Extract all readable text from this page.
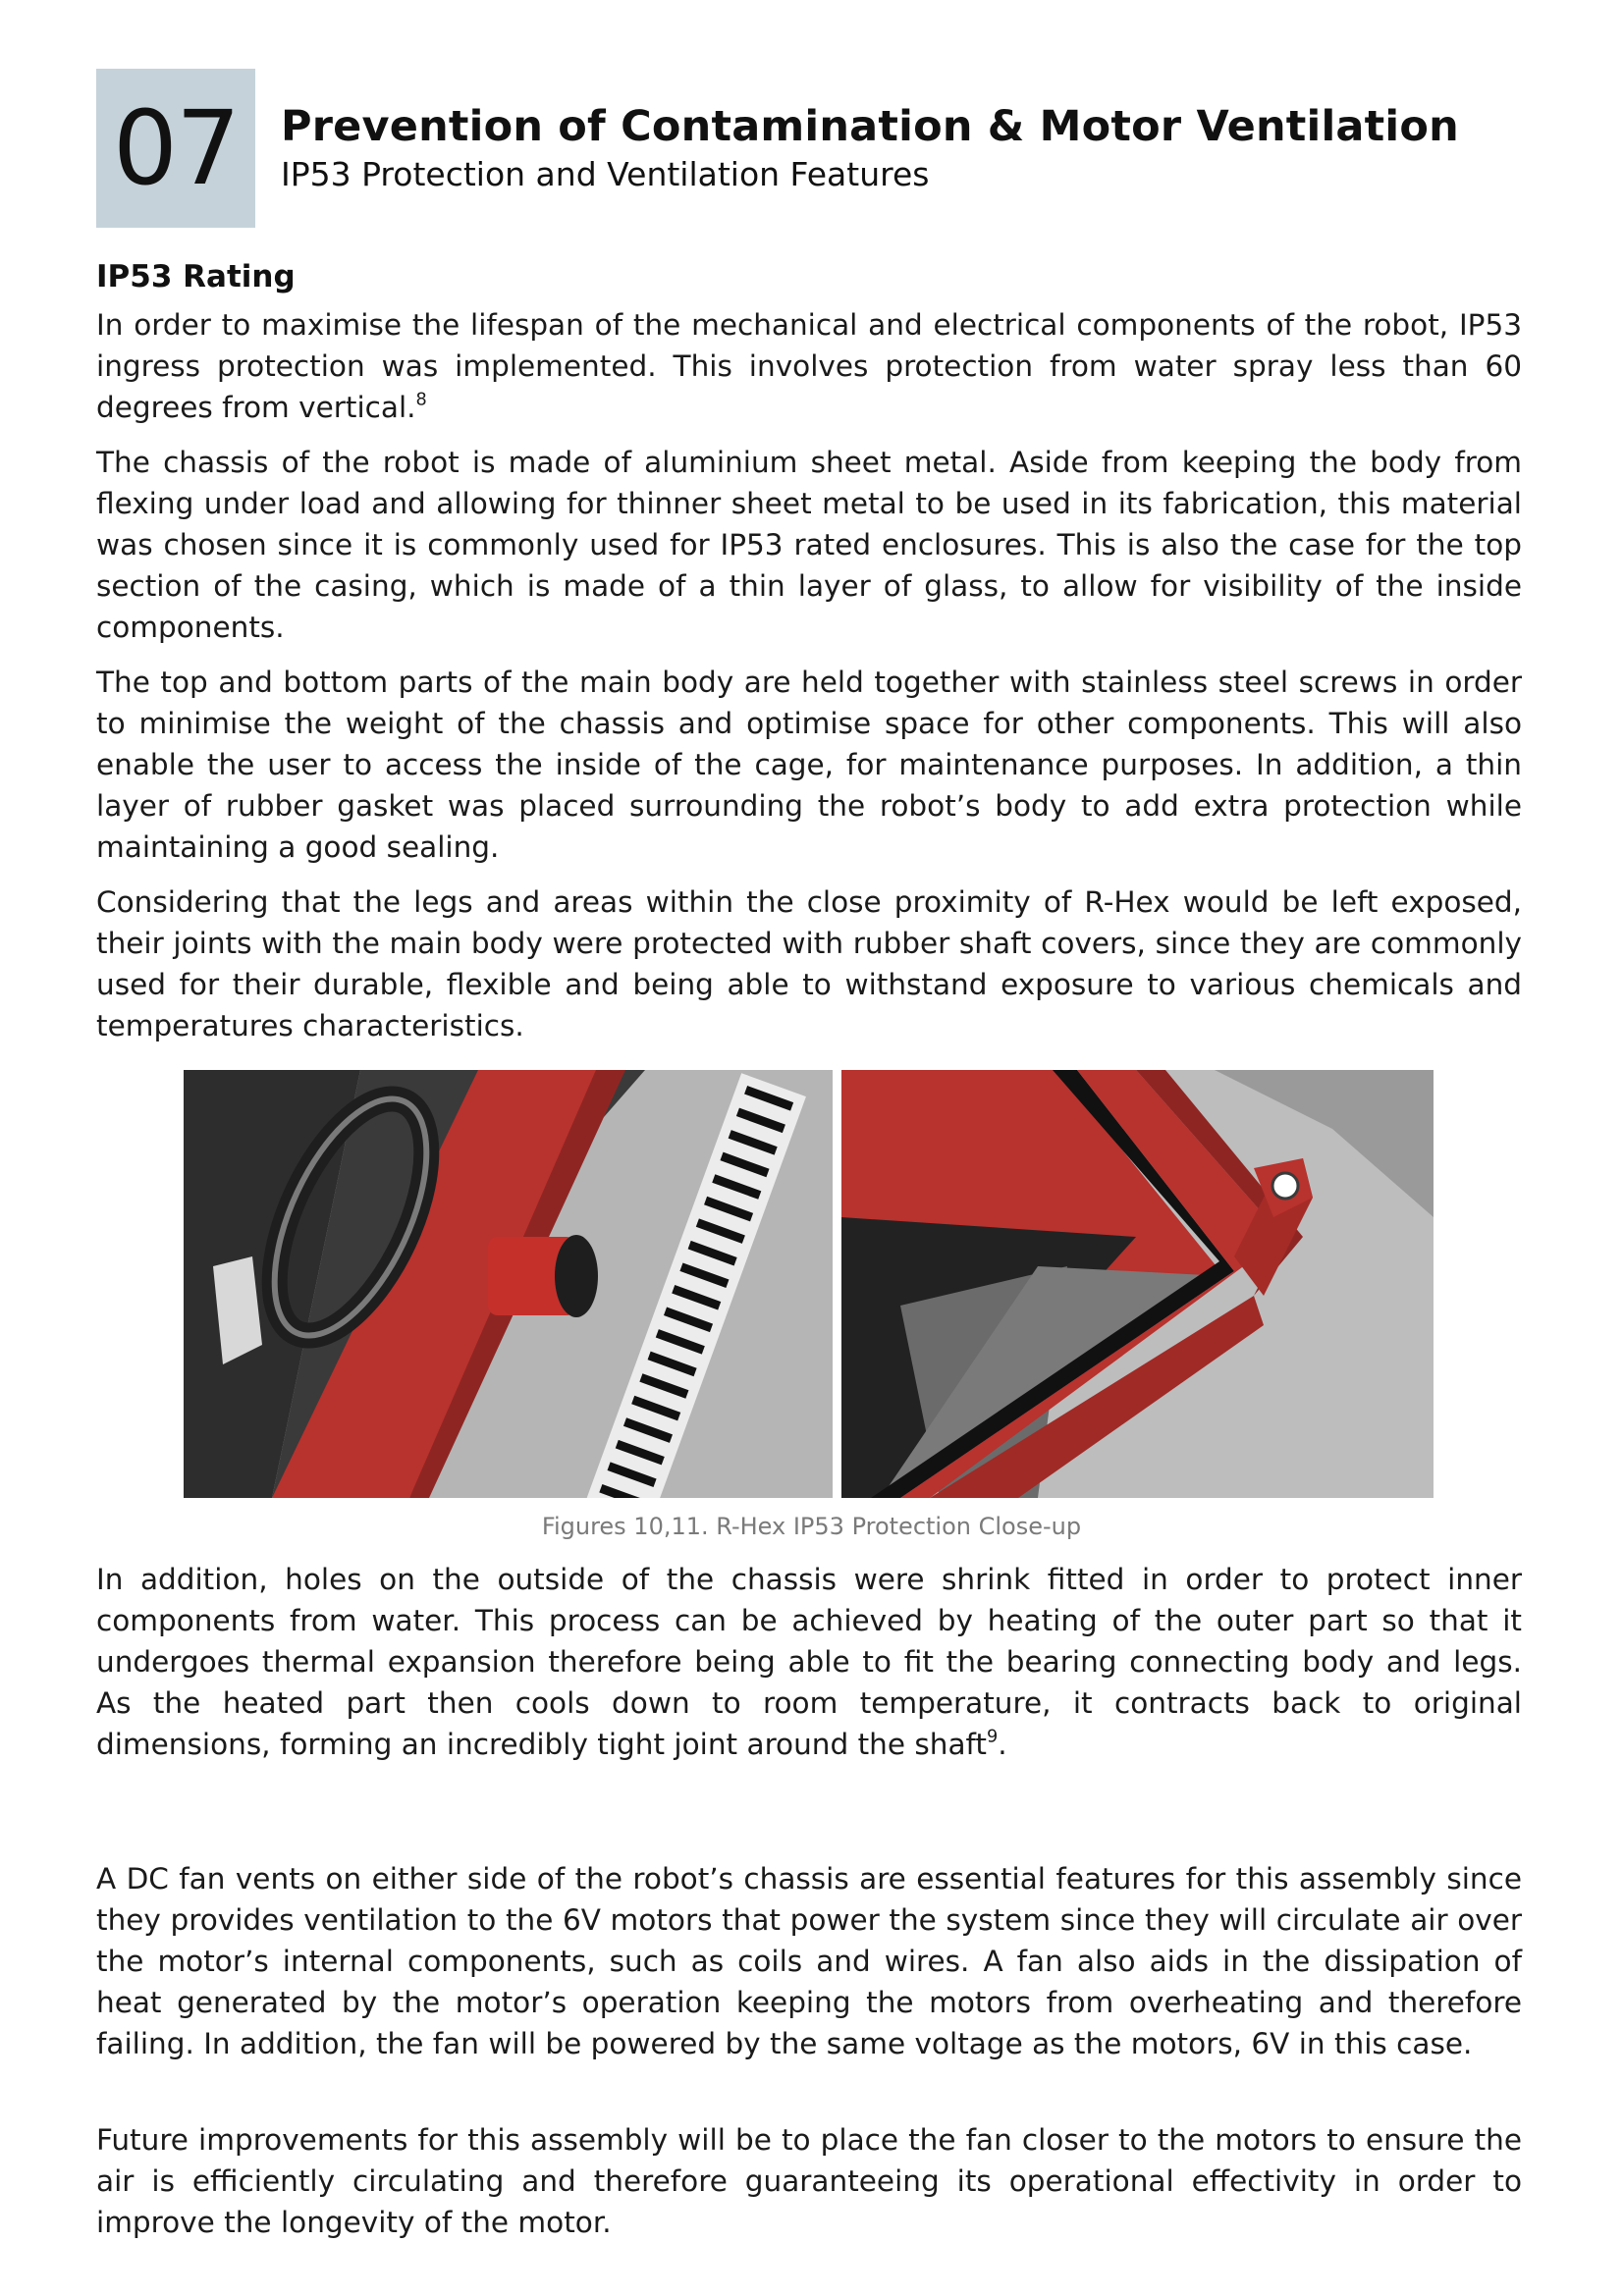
07 Prevention of Contamination & Motor Ventilation
IP53 Protection and Ventilation Features
IP53 Rating

In order to maximise the lifespan of the mechanical and electrical components of the robot, IP53 ingress protection was implemented. This involves protection from water spray less than 60 degrees from vertical.$^8$

The chassis of the robot is made of aluminium sheet metal. Aside from keeping the body from flexing under load and allowing for thinner sheet metal to be used in its fabrication, this material was chosen since it is commonly used for IP53 rated enclosures. This is also the case for the top section of the casing, which is made of a thin layer of glass, to allow for visibility of the inside components.

The top and bottom parts of the main body are held together with stainless steel screws in order to minimise the weight of the chassis and optimise space for other components. This will also enable the user to access the inside of the cage, for maintenance purposes. In addition, a thin layer of rubber gasket was placed surrounding the robot’s body to add extra protection while maintaining a good sealing.

Considering that the legs and areas within the close proximity of R-Hex would be left exposed, their joints with the main body were protected with rubber shaft covers, since they are commonly used for their durable, flexible and being able to withstand exposure to various chemicals and temperatures characteristics.

Figures 10,11. R-Hex IP53 Protection Close-up

In addition, holes on the outside of the chassis were shrink fitted in order to protect inner components from water. This process can be achieved by heating of the outer part so that it undergoes thermal expansion therefore being able to fit the bearing connecting body and legs. As the heated part then cools down to room temperature, it contracts back to original dimensions, forming an incredibly tight joint around the shaft$^9$.

A DC fan vents on either side of the robot’s chassis are essential features for this assembly since they provides ventilation to the 6V motors that power the system since they will circulate air over the motor’s internal components, such as coils and wires. A fan also aids in the dissipation of heat generated by the motor’s operation keeping the motors from overheating and therefore failing. In addition, the fan will be powered by the same voltage as the motors, 6V in this case.

Future improvements for this assembly will be to place the fan closer to the motors to ensure the air is efficiently circulating and therefore guaranteeing its operational effectivity in order to improve the longevity of the motor.
